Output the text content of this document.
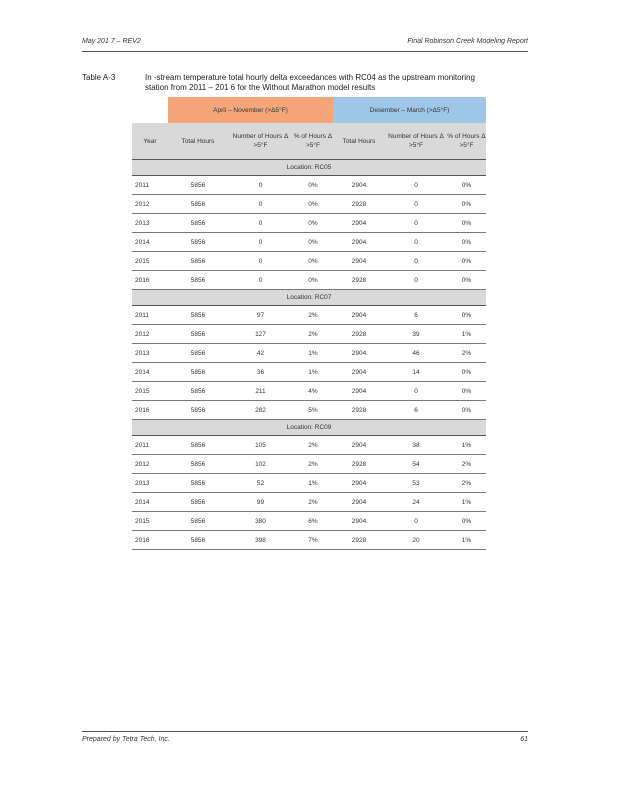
May 201 7 – REV2	Final Robinson Creek Modeling Report
Table A-3	In -stream temperature total hourly delta exceedances with RC04 as the upstream monitoring station from 2011 – 201 6 for the Without Marathon model results
	April – November (>Δ5°F)			Desember – March (>Δ5°F)		
Year	Total Hours	Number of Hours Δ >5°F	% of Hours Δ >5°F	Total Hours	Number of Hours Δ >5°F	% of Hours Δ >5°F
Location: RC05						
2011	5856	0	0%	2904	0	0%
2012	5856	0	0%	2928	0	0%
2013	5856	0	0%	2904	0	0%
2014	5856	0	0%	2904	0	0%
2015	5856	0	0%	2904	0	0%
2016	5856	0	0%	2928	0	0%
Location: RC07						
2011	5856	97	2%	2904	6	0%
2012	5856	127	2%	2928	39	1%
2013	5856	42	1%	2904	46	2%
2014	5856	36	1%	2904	14	0%
2015	5856	211	4%	2904	0	0%
2016	5856	282	5%	2928	6	0%
Location: RC09						
2011	5856	105	2%	2904	38	1%
2012	5856	102	2%	2928	54	2%
2013	5856	52	1%	2904	53	2%
2014	5856	99	2%	2904	24	1%
2015	5856	380	6%	2904	0	0%
2016	5856	398	7%	2928	20	1%
Prepared by Tetra Tech, Inc.	61
